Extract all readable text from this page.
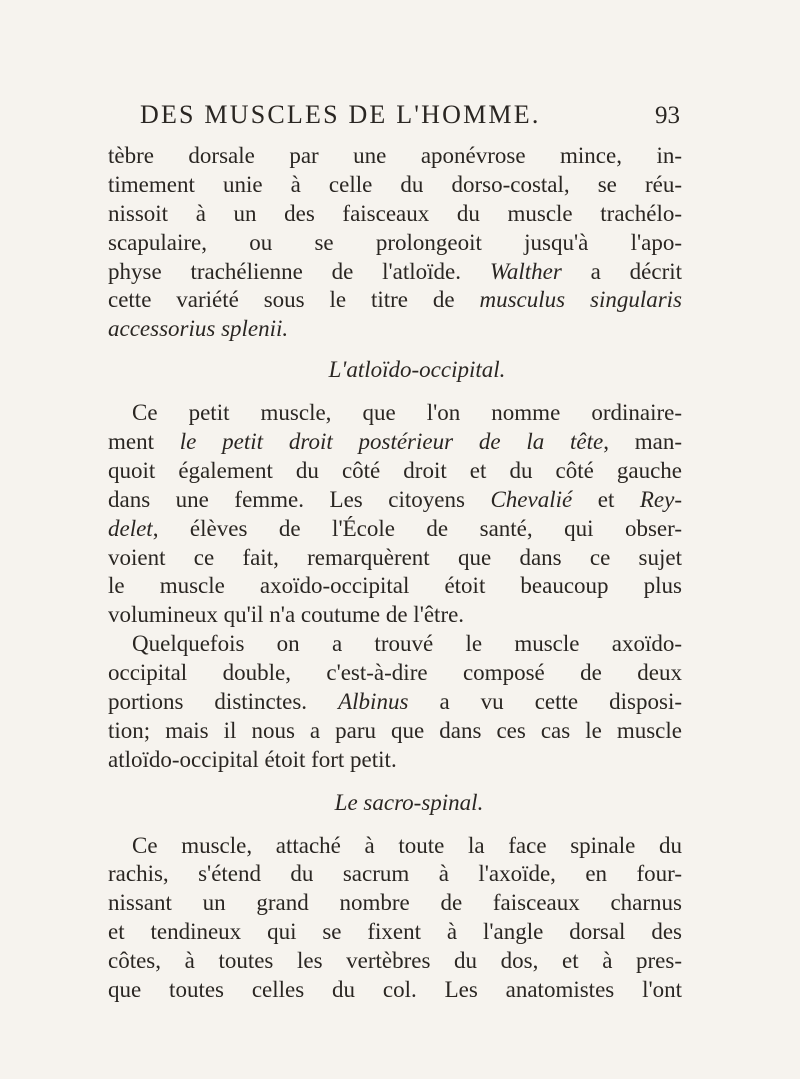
DES MUSCLES DE L'HOMME.	93
tèbre dorsale par une aponévrose mince, in-
timement unie à celle du dorso-costal, se réu-
nissoit à un des faisceaux du muscle trachélo-
scapulaire, ou se prolongeoit jusqu'à l'apo-
physe trachélienne de l'atloïde. Walther a décrit
cette variété sous le titre de musculus singularis
accessorius splenii.
L'atloïdo-occipital.
Ce petit muscle, que l'on nomme ordinaire-
ment le petit droit postérieur de la tête, man-
quoit également du côté droit et du côté gauche
dans une femme. Les citoyens Chevalié et Rey-
delet, élèves de l'École de santé, qui obser-
voient ce fait, remarquèrent que dans ce sujet
le muscle axoïdo-occipital étoit beaucoup plus
volumineux qu'il n'a coutume de l'être.
Quelquefois on a trouvé le muscle axoïdo-
occipital double, c'est-à-dire composé de deux
portions distinctes. Albinus a vu cette disposi-
tion; mais il nous a paru que dans ces cas le muscle
atloïdo-occipital étoit fort petit.
Le sacro-spinal.
Ce muscle, attaché à toute la face spinale du
rachis, s'étend du sacrum à l'axoïde, en four-
nissant un grand nombre de faisceaux charnus
et tendineux qui se fixent à l'angle dorsal des
côtes, à toutes les vertèbres du dos, et à pres-
que toutes celles du col. Les anatomistes l'ont
